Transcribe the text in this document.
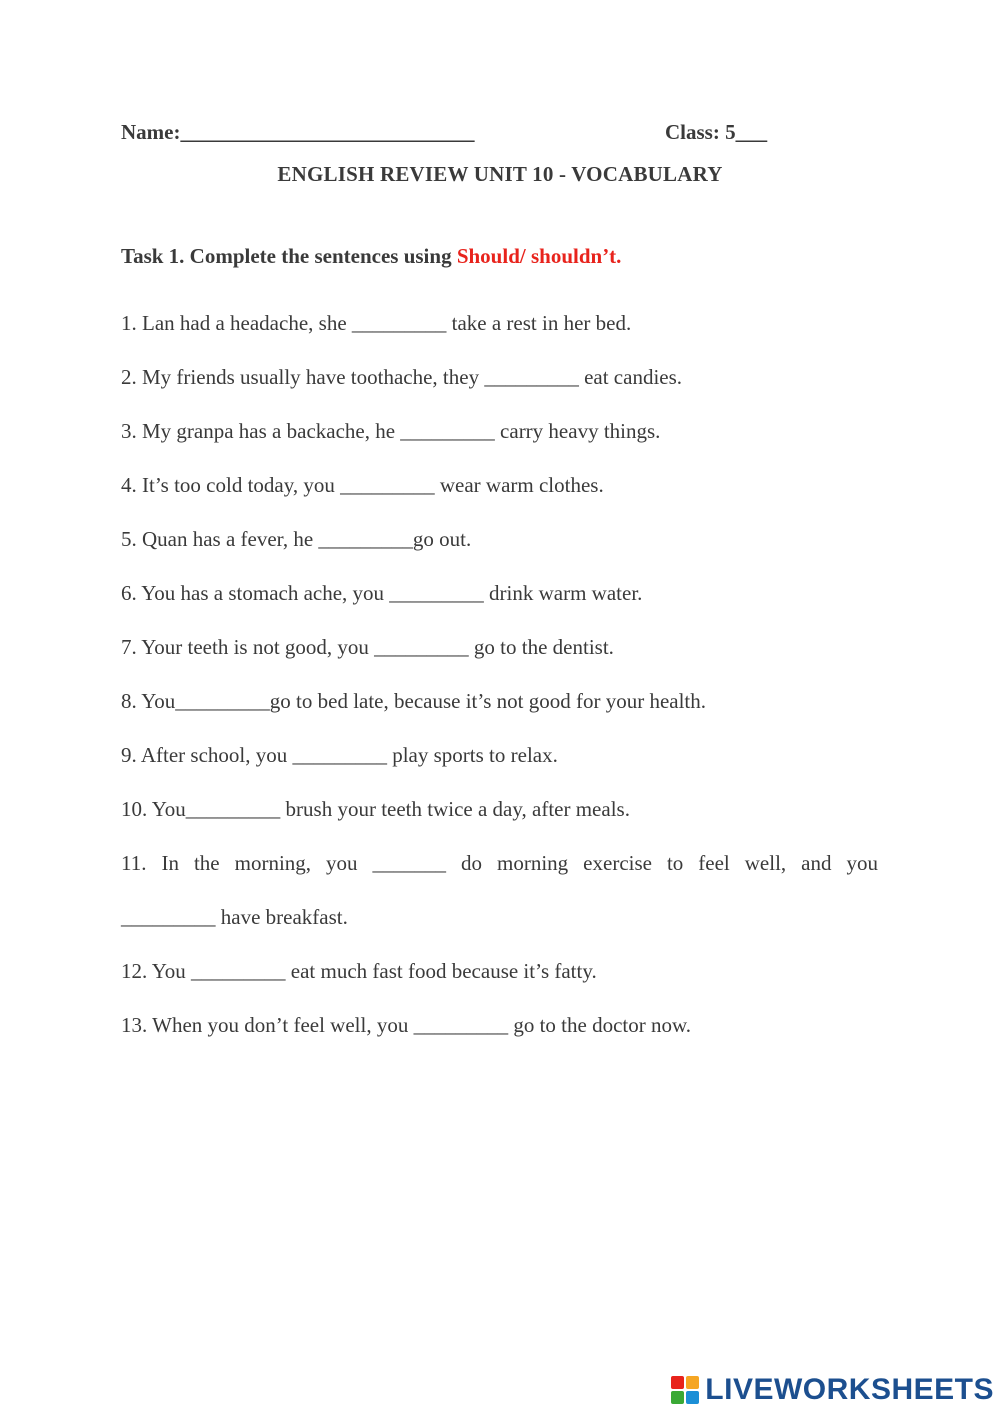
Name:____________________________	Class: 5___
ENGLISH REVIEW UNIT 10 - VOCABULARY
Task 1. Complete the sentences using Should/ shouldn’t.
1. Lan had a headache, she _________ take a rest in her bed.
2. My friends usually have toothache, they _________ eat candies.
3. My granpa has a backache, he _________ carry heavy things.
4. It’s too cold today, you _________ wear warm clothes.
5. Quan has a fever, he _________go out.
6. You has a stomach ache, you _________ drink warm water.
7. Your teeth is not good, you _________ go to the dentist.
8. You_________go to bed late, because it’s not good for your health.
9. After school, you _________ play sports to relax.
10. You_________ brush your teeth twice a day, after meals.
11. In the morning, you _______ do morning exercise to feel well, and you
_________ have breakfast.
12. You _________ eat much fast food because it’s fatty.
13. When you don’t feel well, you _________ go to the doctor now.
LIVEWORKSHEETS
